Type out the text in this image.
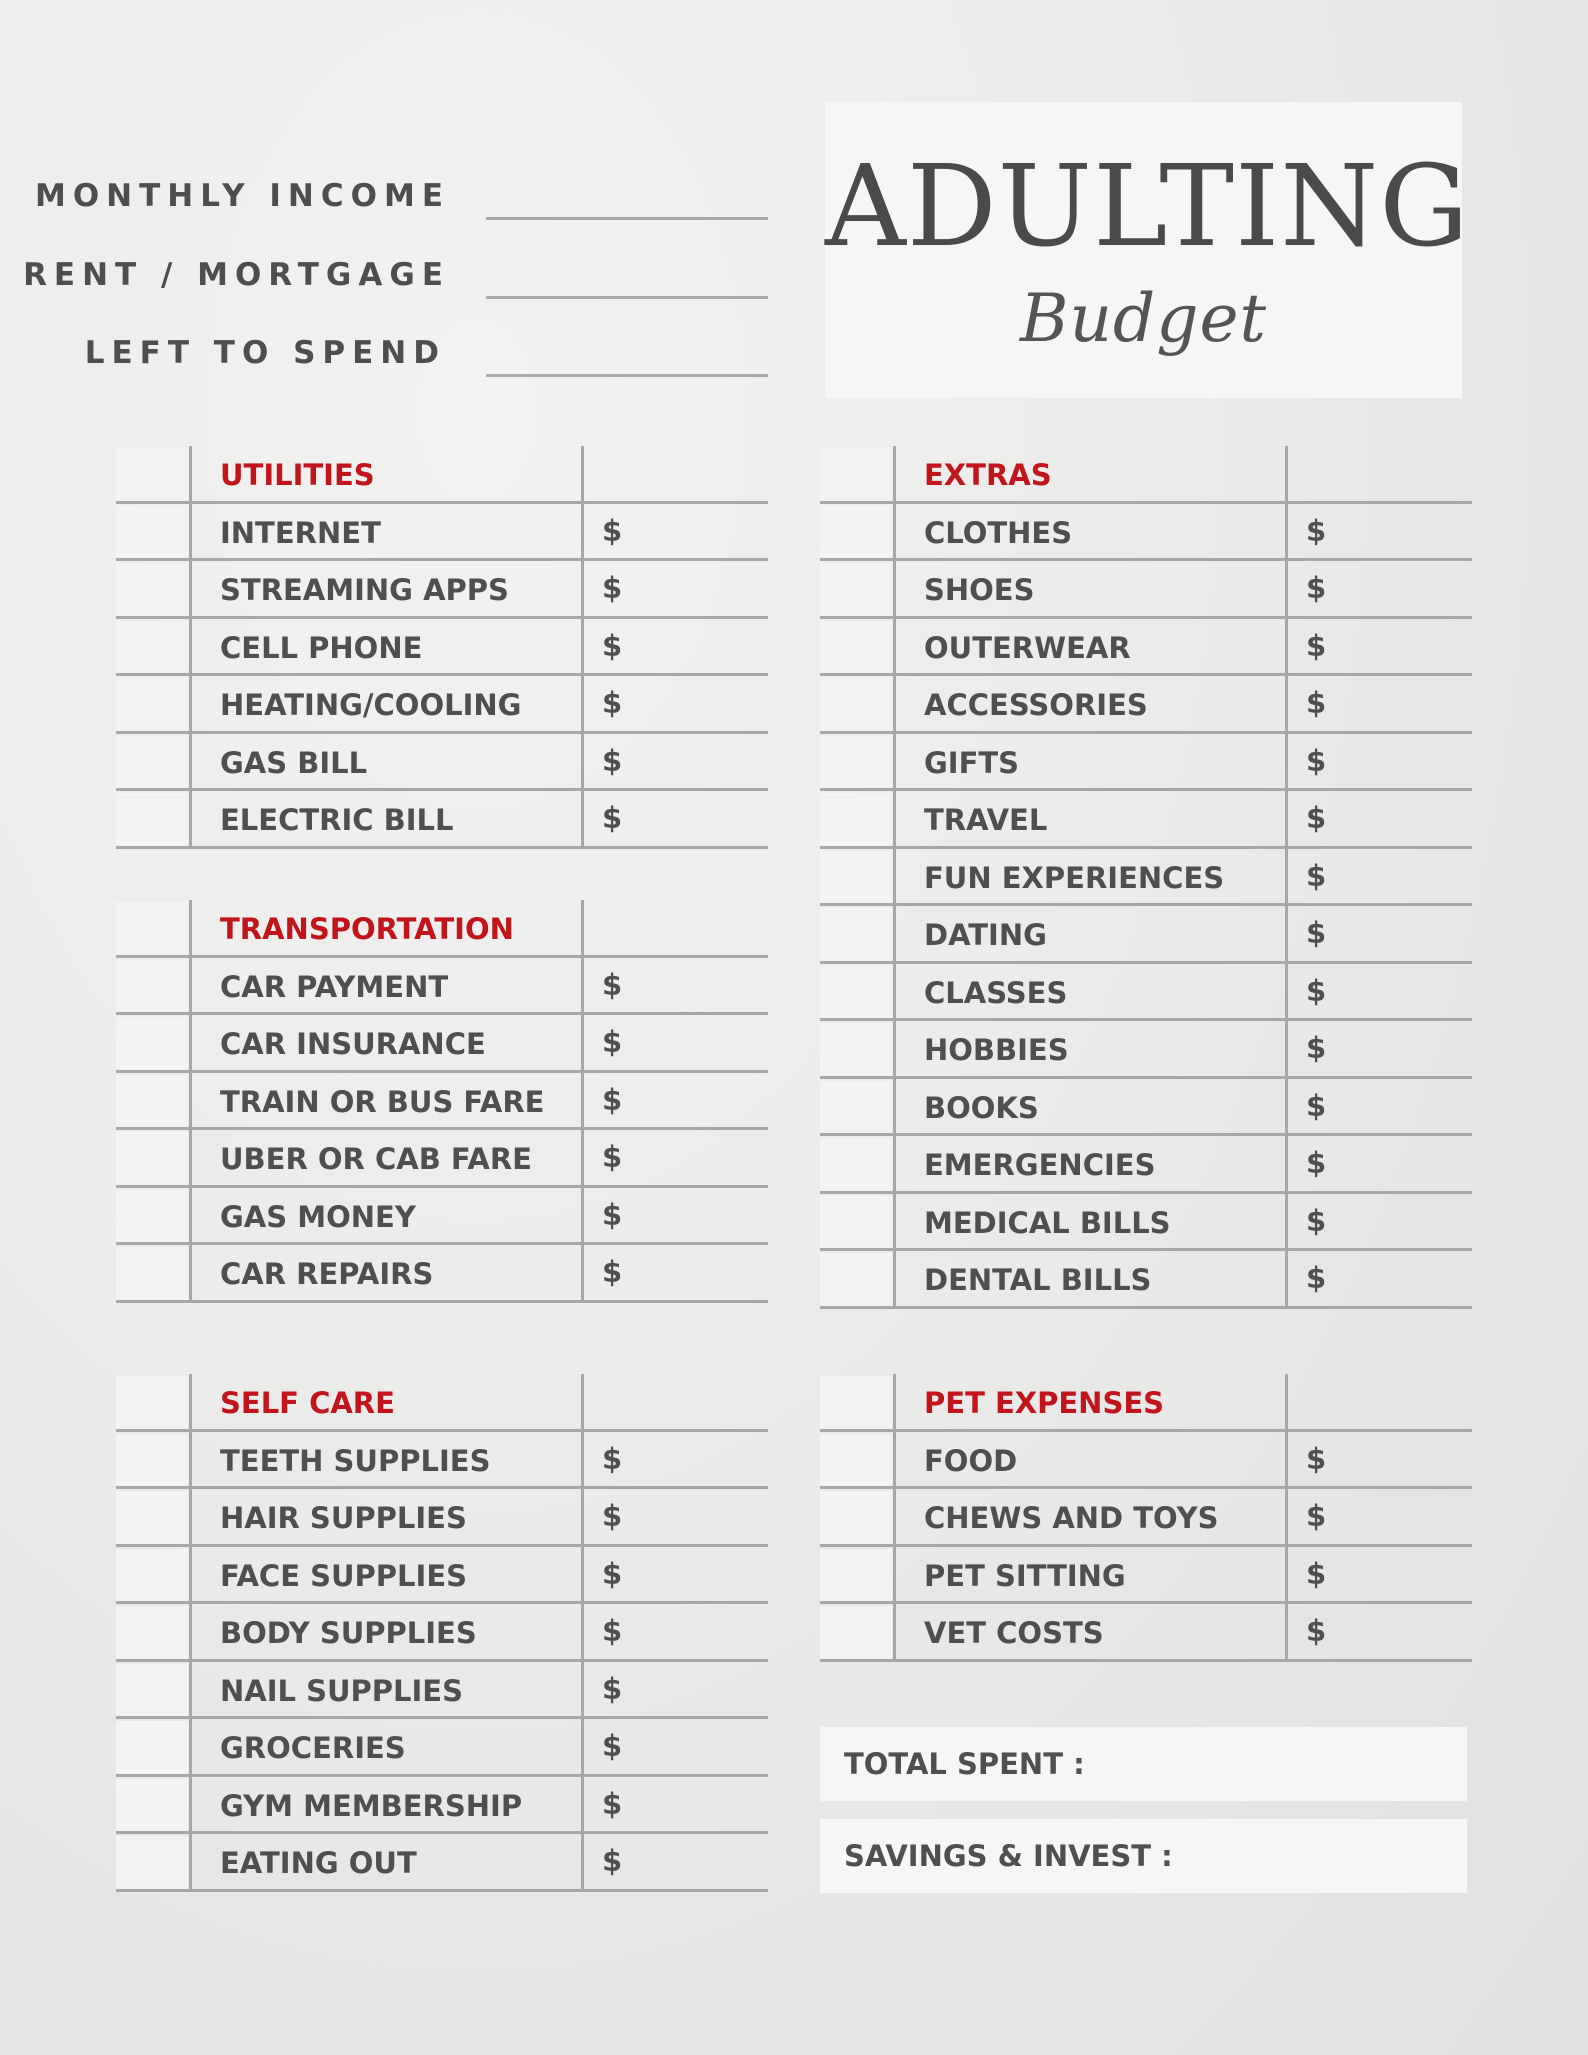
MONTHLY INCOME
RENT / MORTGAGE
LEFT TO SPEND
ADULTING
Budget
UTILITIES
INTERNET	$
STREAMING APPS	$
CELL PHONE	$
HEATING/COOLING	$
GAS BILL	$
ELECTRIC BILL	$
TRANSPORTATION
CAR PAYMENT	$
CAR INSURANCE	$
TRAIN OR BUS FARE $
UBER OR CAB FARE $
GAS MONEY	$
CAR REPAIRS	$
SELF CARE
TEETH SUPPLIES	$
HAIR SUPPLIES	$
FACE SUPPLIES	$
BODY SUPPLIES	$
NAIL SUPPLIES	$
GROCERIES	$
GYM MEMBERSHIP	$
EATING OUT	$
EXTRAS
CLOTHES	$
SHOES	$
OUTERWEAR	$
ACCESSORIES	$
GIFTS	$
TRAVEL	$
FUN EXPERIENCES	$
DATING	$
CLASSES	$
HOBBIES	$
BOOKS	$
EMERGENCIES	$
MEDICAL BILLS	$
DENTAL BILLS	$
PET EXPENSES
FOOD	$
CHEWS AND TOYS	$
PET SITTING	$
VET COSTS	$
TOTAL SPENT :
SAVINGS & INVEST :
